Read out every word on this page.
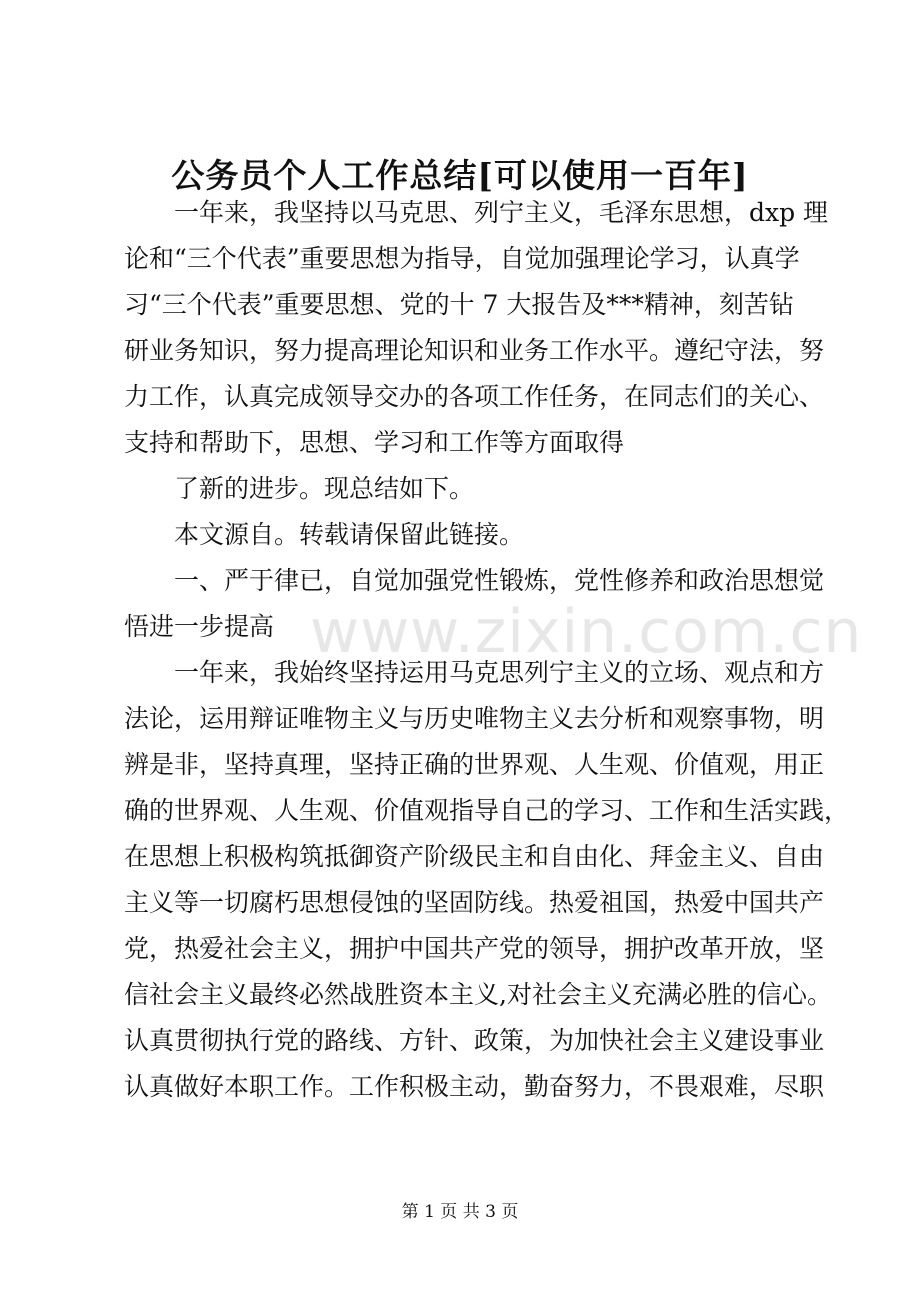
公务员个人工作总结[可以使用一百年]
一年来，我坚持以马克思、列宁主义，毛泽东思想，dxp 理
论和“三个代表”重要思想为指导，自觉加强理论学习，认真学
习“三个代表”重要思想、党的十 7 大报告及***精神，刻苦钻
研业务知识，努力提高理论知识和业务工作水平。遵纪守法，努
力工作，认真完成领导交办的各项工作任务，在同志们的关心、
支持和帮助下，思想、学习和工作等方面取得
了新的进步。现总结如下。
本文源自。转载请保留此链接。
一、严于律已，自觉加强党性锻炼，党性修养和政治思想觉
悟进一步提高
一年来，我始终坚持运用马克思列宁主义的立场、观点和方
法论，运用辩证唯物主义与历史唯物主义去分析和观察事物，明
辨是非，坚持真理，坚持正确的世界观、人生观、价值观，用正
确的世界观、人生观、价值观指导自己的学习、工作和生活实践，
在思想上积极构筑抵御资产阶级民主和自由化、拜金主义、自由
主义等一切腐朽思想侵蚀的坚固防线。热爱祖国，热爱中国共产
党，热爱社会主义，拥护中国共产党的领导，拥护改革开放，坚
信社会主义最终必然战胜资本主义,对社会主义充满必胜的信心。
认真贯彻执行党的路线、方针、政策，为加快社会主义建设事业
认真做好本职工作。工作积极主动，勤奋努力，不畏艰难，尽职
www.zixin.com.cn
第 1 页 共 3 页
